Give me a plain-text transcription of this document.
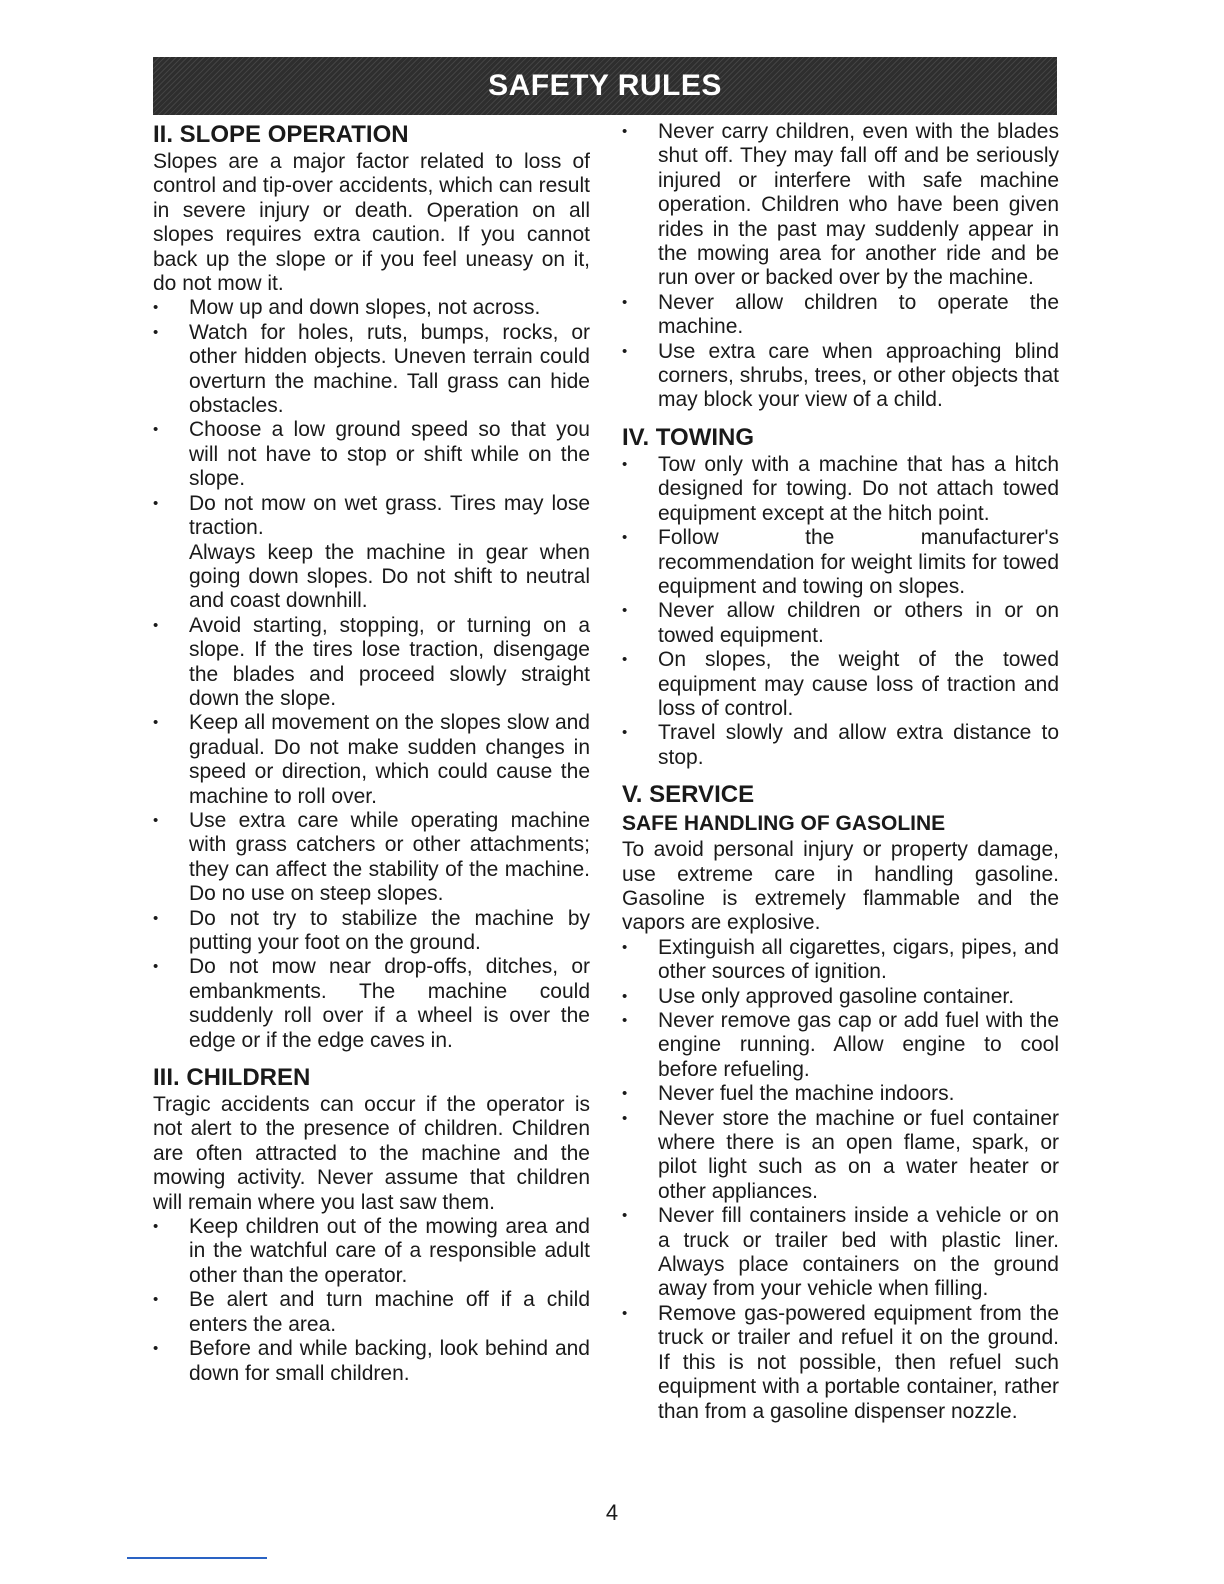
SAFETY RULES
II. SLOPE OPERATION

Slopes are a major factor related to loss of control and tip-over accidents, which can result in severe injury or death. Operation on all slopes requires extra caution. If you cannot back up the slope or if you feel uneasy on it, do not mow it.

• Mow up and down slopes, not across.
• Watch for holes, ruts, bumps, rocks, or other hidden objects. Uneven terrain could overturn the machine. Tall grass can hide obstacles.
• Choose a low ground speed so that you will not have to stop or shift while on the slope.
• Do not mow on wet grass. Tires may lose traction.
Always keep the machine in gear when going down slopes. Do not shift to neutral and coast downhill.
• Avoid starting, stopping, or turning on a slope. If the tires lose traction, disengage the blades and proceed slowly straight down the slope.
• Keep all movement on the slopes slow and gradual. Do not make sudden changes in speed or direction, which could cause the machine to roll over.
• Use extra care while operating machine with grass catchers or other attachments; they can affect the stability of the machine. Do no use on steep slopes.
• Do not try to stabilize the machine by putting your foot on the ground.
• Do not mow near drop-offs, ditches, or embankments. The machine could suddenly roll over if a wheel is over the edge or if the edge caves in.
III. CHILDREN

Tragic accidents can occur if the operator is not alert to the presence of children. Children are often attracted to the machine and the mowing activity. Never assume that children will remain where you last saw them.

• Keep children out of the mowing area and in the watchful care of a responsible adult other than the operator.
• Be alert and turn machine off if a child enters the area.
• Before and while backing, look behind and down for small children.
• Never carry children, even with the blades shut off. They may fall off and be seriously injured or interfere with safe machine operation. Children who have been given rides in the past may suddenly appear in the mowing area for another ride and be run over or backed over by the machine.
• Never allow children to operate the machine.
• Use extra care when approaching blind corners, shrubs, trees, or other objects that may block your view of a child.
IV. TOWING
• Tow only with a machine that has a hitch designed for towing. Do not attach towed equipment except at the hitch point.
• Follow the manufacturer's recommendation for weight limits for towed equipment and towing on slopes.
• Never allow children or others in or on towed equipment.
• On slopes, the weight of the towed equipment may cause loss of traction and loss of control.
• Travel slowly and allow extra distance to stop.
V. SERVICE
SAFE HANDLING OF GASOLINE

To avoid personal injury or property damage, use extreme care in handling gasoline. Gasoline is extremely flammable and the vapors are explosive.

• Extinguish all cigarettes, cigars, pipes, and other sources of ignition.
• Use only approved gasoline container.
• Never remove gas cap or add fuel with the engine running. Allow engine to cool before refueling.
• Never fuel the machine indoors.
• Never store the machine or fuel container where there is an open flame, spark, or pilot light such as on a water heater or other appliances.
• Never fill containers inside a vehicle or on a truck or trailer bed with plastic liner. Always place containers on the ground away from your vehicle when filling.
• Remove gas-powered equipment from the truck or trailer and refuel it on the ground. If this is not possible, then refuel such equipment with a portable container, rather than from a gasoline dispenser nozzle.
4
